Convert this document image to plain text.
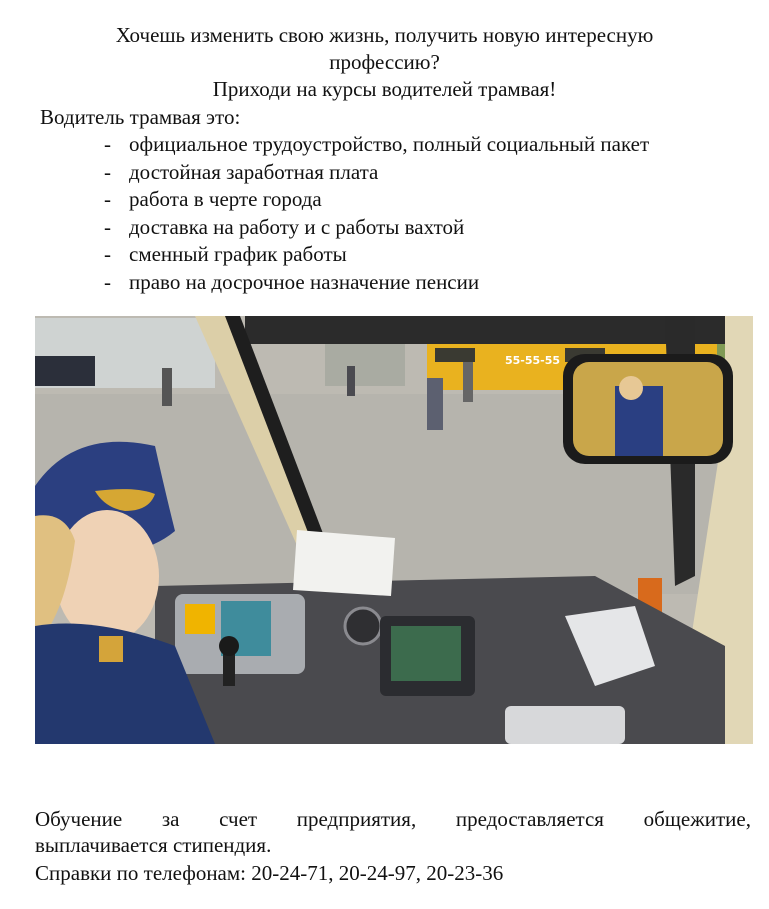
Хочешь изменить свою жизнь, получить новую интересную
профессию?
Приходи на курсы водителей трамвая!
Водитель трамвая это:
- официальное трудоустройство, полный социальный пакет
- достойная заработная плата
- работа в черте города
- доставка на работу и с работы вахтой
- сменный график работы
- право на досрочное назначение пенсии
55-55-55
Обучение за счет предприятия, предоставляется общежитие,
выплачивается стипендия.
Справки по телефонам: 20-24-71, 20-24-97, 20-23-36
